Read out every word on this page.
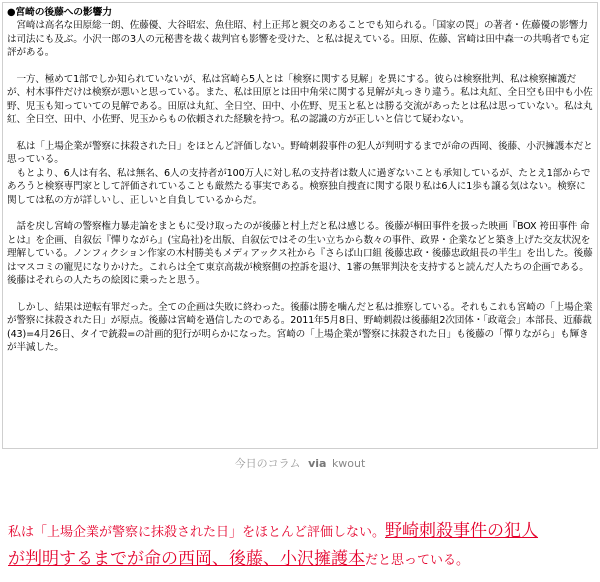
●宮崎の後藤への影響力

　宮崎は高名な田原総一朗、佐藤優、大谷昭宏、魚住昭、村上正邦と親交のあることでも知られる。「国家の罠」の著者・佐藤優の影響力は司法にも及ぶ。小沢一郎の3人の元秘書を裁く裁判官も影響を受けた、と私は捉えている。田原、佐藤、宮崎は田中森一の共鳴者でも定評がある。

　一方、極めて1部でしか知られていないが、私は宮崎ら5人とは「検察に関する見解」を異にする。彼らは検察批判、私は検察擁護だが、村木事件だけは検察が悪いと思っている。また、私は田原とは田中角栄に関する見解が丸っきり違う。私は丸紅、全日空も田中も小佐野、児玉も知っていての見解である。田原は丸紅、全日空、田中、小佐野、児玉と私とは勝る交流があったとは私は思っていない。私は丸紅、全日空、田中、小佐野、児玉からもの依頼された経験を持つ。私の認識の方が正しいと信じて疑わない。

　私は「上場企業が警察に抹殺された日」をほとんど評価しない。野崎刺殺事件の犯人が判明するまでが命の西岡、後藤、小沢擁護本だと思っている。
　もとより、6人は有名、私は無名、6人の支持者が100万人に対し私の支持者は数人に過ぎないことも承知しているが、たとえ1部からであろうと検察専門家として評価されていることも厳然たる事実である。検察独自捜査に関する限り私は6人に1歩も譲る気はない。検察に関しては私の方が詳しいし、正しいと自負しているからだ。

　話を戻し宮崎の警察権力暴走論をまともに受け取ったのが後藤と村上だと私は感じる。後藤が桐田事件を扱った映画『BOX 袴田事件 命とは』を企画、自叙伝『憚りながら』(宝島社)を出版、自叙伝ではその生い立ちから数々の事件、政界・企業などと築き上げた交友状況を理解している。ノンフィクション作家の木村勝美もメディアックス社から『さらば山口組 後藤忠政・後藤忠政組長の半生』を出した。後藤はマスコミの寵児になりかけた。これらは全て東京高裁が検察側の控訴を退け、1審の無罪判決を支持すると読んだ人たちの企画である。後藤はそれらの人たちの絵図に乗ったと思う。

　しかし、結果は逆転有罪だった。全ての企画は失敗に終わった。後藤は勝を噛んだと私は推察している。それもこれも宮崎の「上場企業が警察に抹殺された日」が原点。後藤は宮崎を過信したのである。2011年5月8日、野崎刺殺は後藤組2次団体・「政竜会」本部長、近藤裁(43)=4月26日、タイで銃殺=の計画的犯行が明らかになった。宮崎の「上場企業が警察に抹殺された日」も後藤の「憚りながら」も輝きが半減した。

今日のコラム via kwout
私は「上場企業が警察に抹殺された日」をほとんど評価しない。野崎刺殺事件の犯人
が判明するまでが命の西岡、後藤、小沢擁護本だと思っている。
